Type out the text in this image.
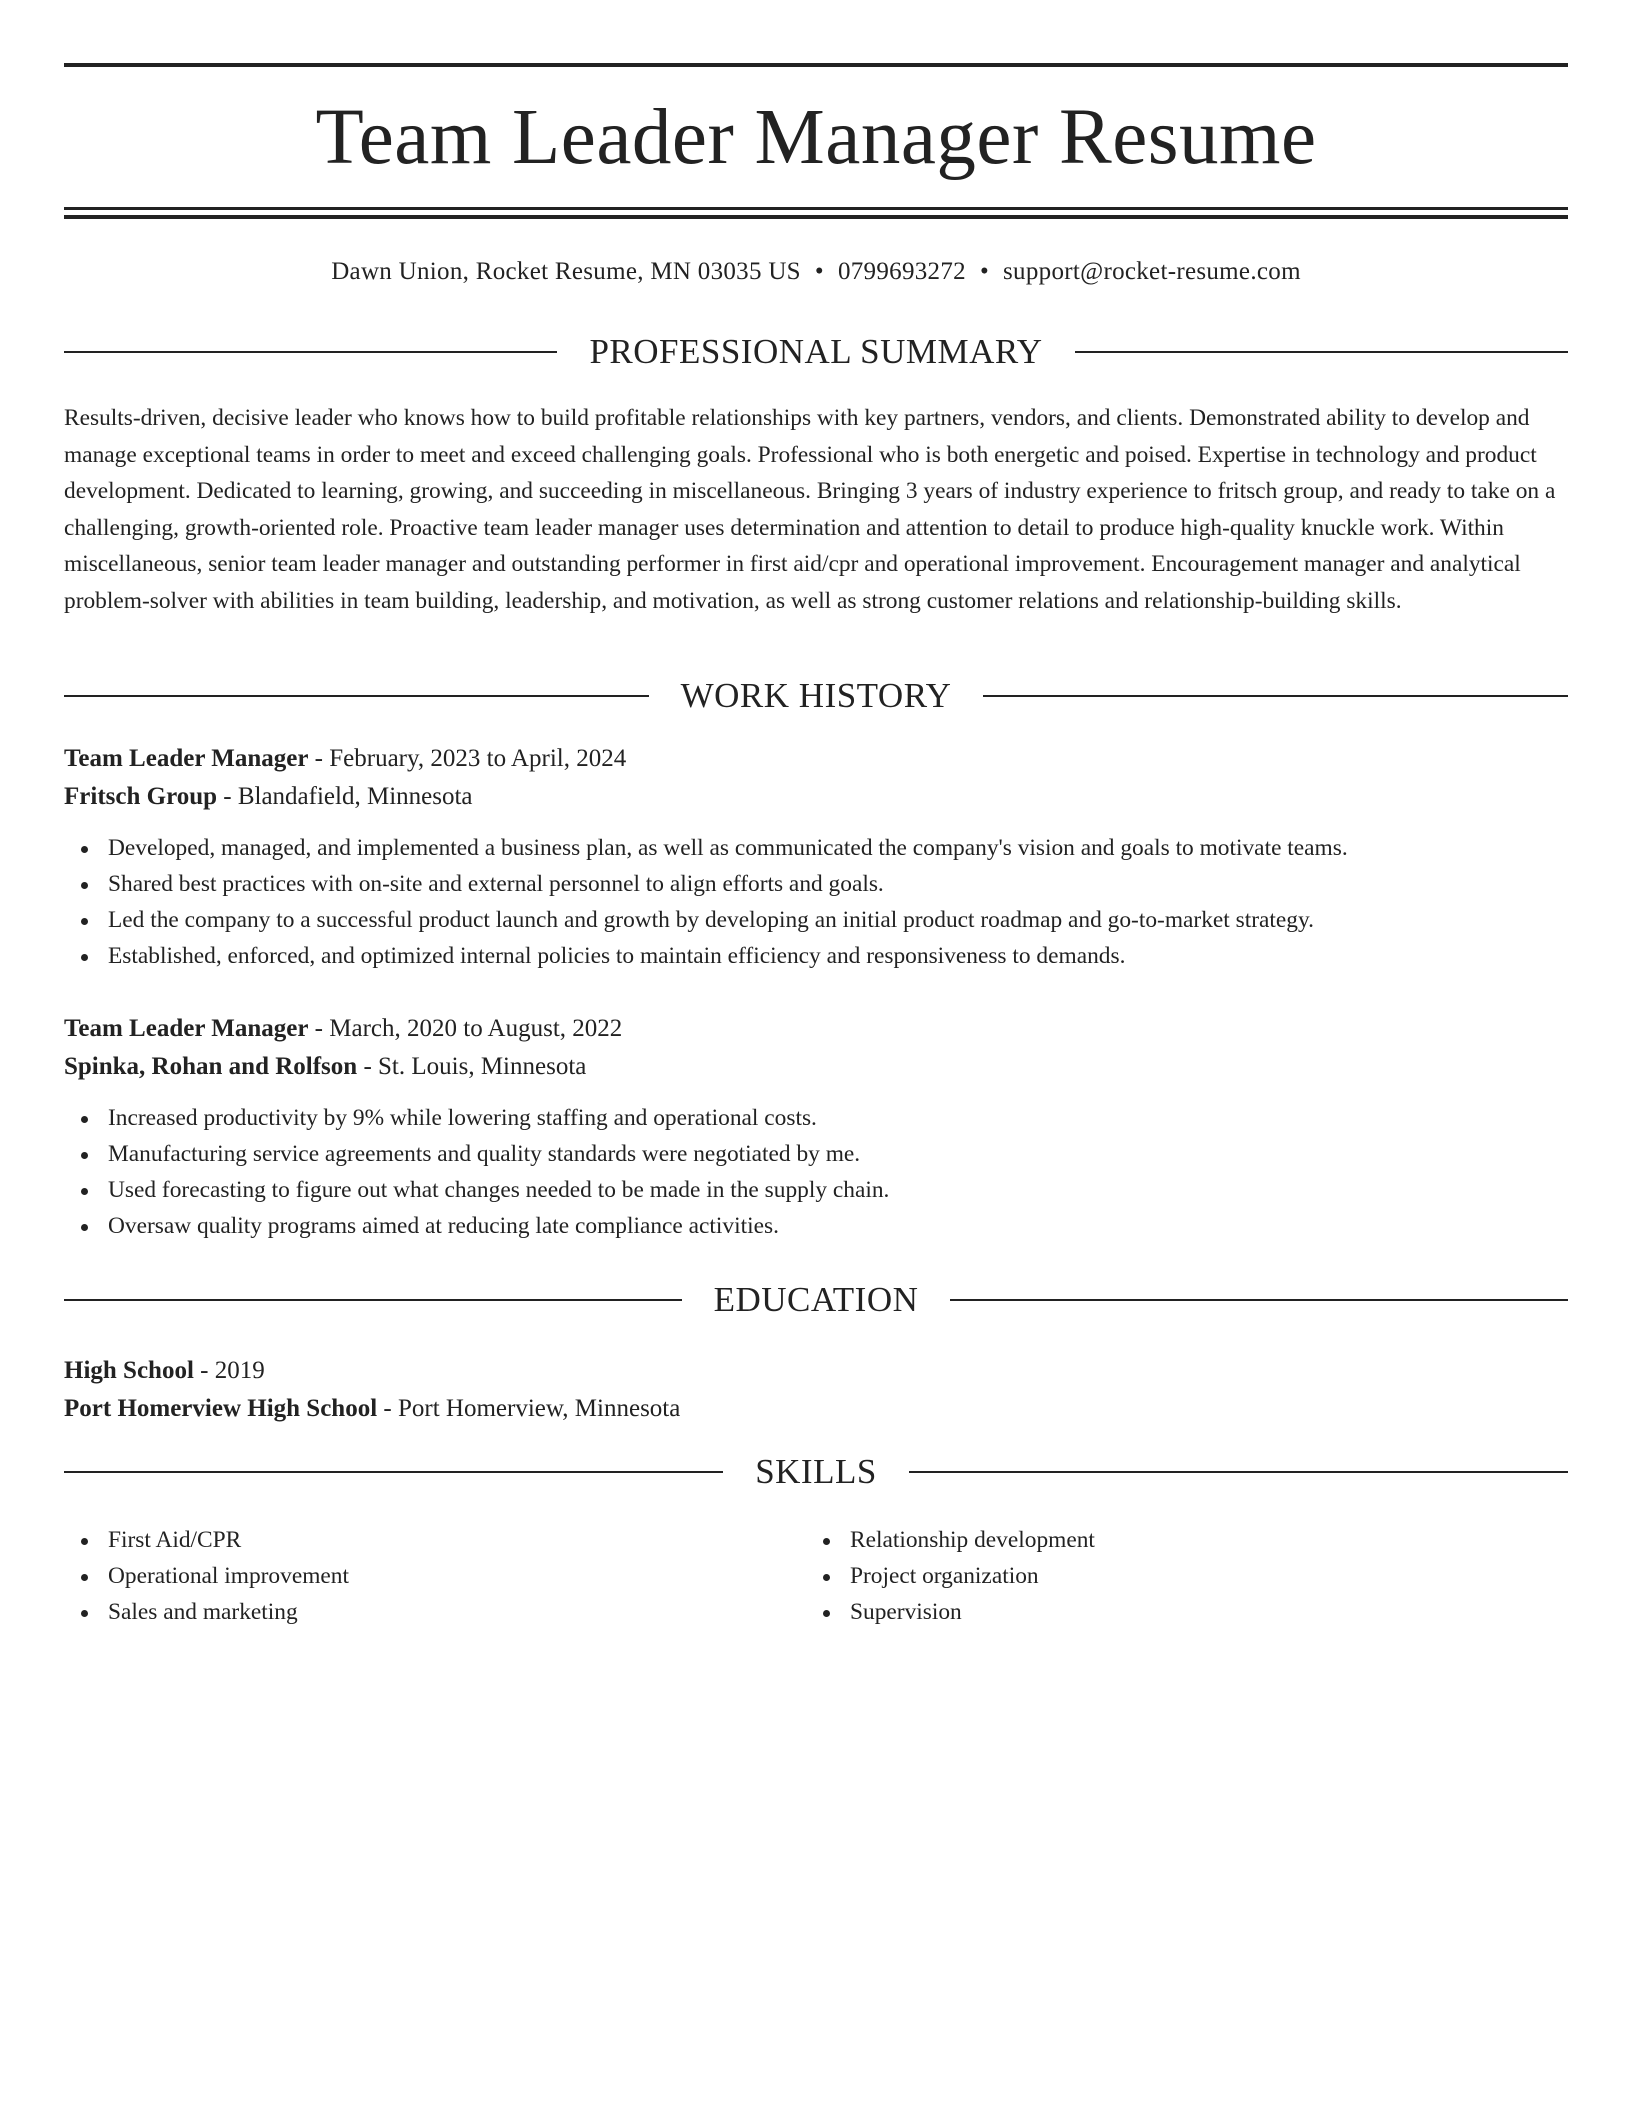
Team Leader Manager Resume
Dawn Union, Rocket Resume, MN 03035 US • 0799693272 • support@rocket-resume.com
PROFESSIONAL SUMMARY

Results-driven, decisive leader who knows how to build profitable relationships with key partners, vendors, and clients. Demonstrated ability to develop and manage exceptional teams in order to meet and exceed challenging goals. Professional who is both energetic and poised. Expertise in technology and product development. Dedicated to learning, growing, and succeeding in miscellaneous. Bringing 3 years of industry experience to fritsch group, and ready to take on a challenging, growth-oriented role. Proactive team leader manager uses determination and attention to detail to produce high-quality knuckle work. Within miscellaneous, senior team leader manager and outstanding performer in first aid/cpr and operational improvement. Encouragement manager and analytical problem-solver with abilities in team building, leadership, and motivation, as well as strong customer relations and relationship-building skills.

WORK HISTORY

Team Leader Manager - February, 2023 to April, 2024

Fritsch Group - Blandafield, Minnesota

Developed, managed, and implemented a business plan, as well as communicated the company's vision and goals to motivate teams.
Shared best practices with on-site and external personnel to align efforts and goals.
Led the company to a successful product launch and growth by developing an initial product roadmap and go-to-market strategy.
Established, enforced, and optimized internal policies to maintain efficiency and responsiveness to demands.

Team Leader Manager - March, 2020 to August, 2022

Spinka, Rohan and Rolfson - St. Louis, Minnesota

Increased productivity by 9% while lowering staffing and operational costs.
Manufacturing service agreements and quality standards were negotiated by me.
Used forecasting to figure out what changes needed to be made in the supply chain.
Oversaw quality programs aimed at reducing late compliance activities.
EDUCATION

High School - 2019

Port Homerview High School - Port Homerview, Minnesota

SKILLS
First Aid/CPR
Operational improvement
Sales and marketing
Relationship development
Project organization
Supervision
